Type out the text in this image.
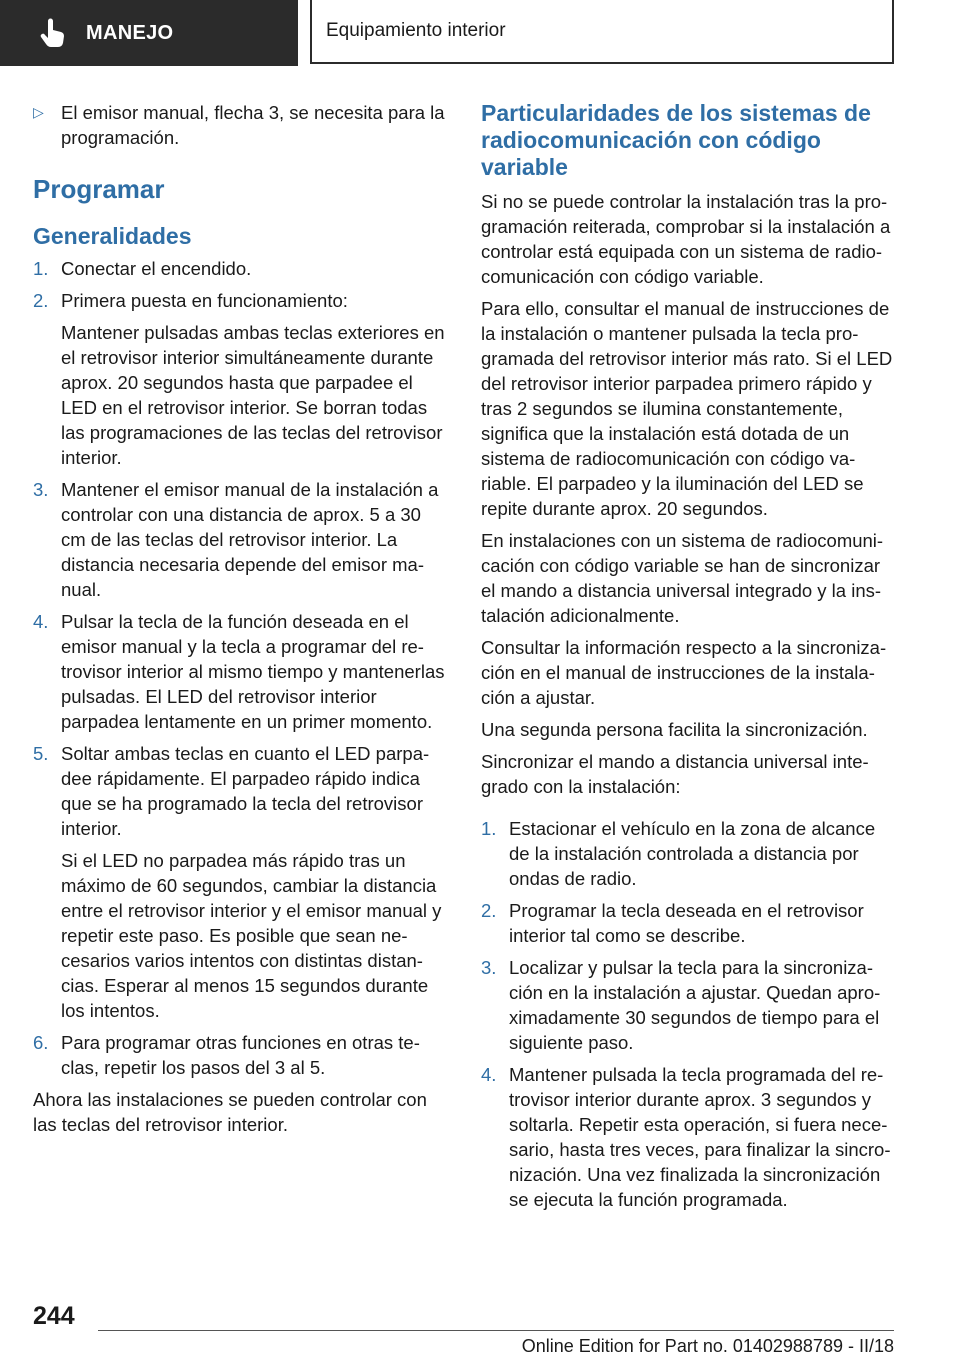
MANEJO	Equipamiento interior
▷ El emisor manual, flecha 3, se necesita para la programación.
Programar
Generalidades
1. Conectar el encendido.

2. Primera puesta en funcionamiento:

Mantener pulsadas ambas teclas exteriores en el retrovisor interior simultáneamente durante aprox. 20 segundos hasta que parpadee el LED en el retrovisor interior. Se borran todas las programaciones de las teclas del retrovisor interior.

3. Mantener el emisor manual de la instalación a controlar con una distancia de aprox. 5 a 30 cm de las teclas del retrovisor interior. La distancia necesaria depende del emisor manual.

4. Pulsar la tecla de la función deseada en el emisor manual y la tecla a programar del retrovisor interior al mismo tiempo y mantenerlas pulsadas. El LED del retrovisor interior parpadea lentamente en un primer momento.

5. Soltar ambas teclas en cuanto el LED parpadee rápidamente. El parpadeo rápido indica que se ha programado la tecla del retrovisor interior.

Si el LED no parpadea más rápido tras un máximo de 60 segundos, cambiar la distancia entre el retrovisor interior y el emisor manual y repetir este paso. Es posible que sean necesarios varios intentos con distintas distancias. Esperar al menos 15 segundos durante los intentos.

6. Para programar otras funciones en otras teclas, repetir los pasos del 3 al 5.

Ahora las instalaciones se pueden controlar con las teclas del retrovisor interior.

Particularidades de los sistemas de radiocomunicación con código variable

Si no se puede controlar la instalación tras la programación reiterada, comprobar si la instalación a controlar está equipada con un sistema de radiocomunicación con código variable.

Para ello, consultar el manual de instrucciones de la instalación o mantener pulsada la tecla programada del retrovisor interior más rato. Si el LED del retrovisor interior parpadea primero rápido y tras 2 segundos se ilumina constantemente, significa que la instalación está dotada de un sistema de radiocomunicación con código variable. El parpadeo y la iluminación del LED se repite durante aprox. 20 segundos.

En instalaciones con un sistema de radiocomunicación con código variable se han de sincronizar el mando a distancia universal integrado y la instalación adicionalmente.

Consultar la información respecto a la sincronización en el manual de instrucciones de la instalación a ajustar.

Una segunda persona facilita la sincronización.

Sincronizar el mando a distancia universal integrado con la instalación:

1. Estacionar el vehículo en la zona de alcance de la instalación controlada a distancia por ondas de radio.

2. Programar la tecla deseada en el retrovisor interior tal como se describe.

3. Localizar y pulsar la tecla para la sincronización en la instalación a ajustar. Quedan aproximadamente 30 segundos de tiempo para el siguiente paso.

4. Mantener pulsada la tecla programada del retrovisor interior durante aprox. 3 segundos y soltarla. Repetir esta operación, si fuera necesario, hasta tres veces, para finalizar la sincronización. Una vez finalizada la sincronización se ejecuta la función programada.

244
Online Edition for Part no. 01402988789 - II/18
